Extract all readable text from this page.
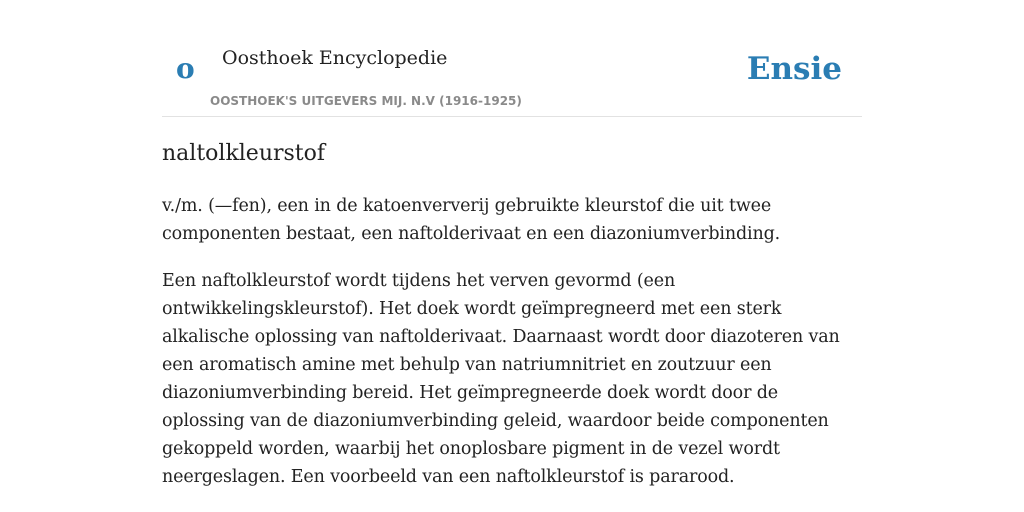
o Oosthoek Encyclopedie
OOSTHOEK'S UITGEVERS MIJ. N.V (1916-1925)
Ensie
naltolkleurstof

v./m. (—fen), een in de katoenververij gebruikte kleurstof die uit twee componenten bestaat, een naftolderivaat en een diazoniumverbinding.

Een naftolkleurstof wordt tijdens het verven gevormd (een ontwikkelingskleurstof). Het doek wordt geïmpregneerd met een sterk alkalische oplossing van naftolderivaat. Daarnaast wordt door diazoteren van een aromatisch amine met behulp van natriumnitriet en zoutzuur een diazoniumverbinding bereid. Het geïmpregneerde doek wordt door de oplossing van de diazoniumverbinding geleid, waardoor beide componenten gekoppeld worden, waarbij het onoplosbare pigment in de vezel wordt neergeslagen. Een voorbeeld van een naftolkleurstof is pararood.
